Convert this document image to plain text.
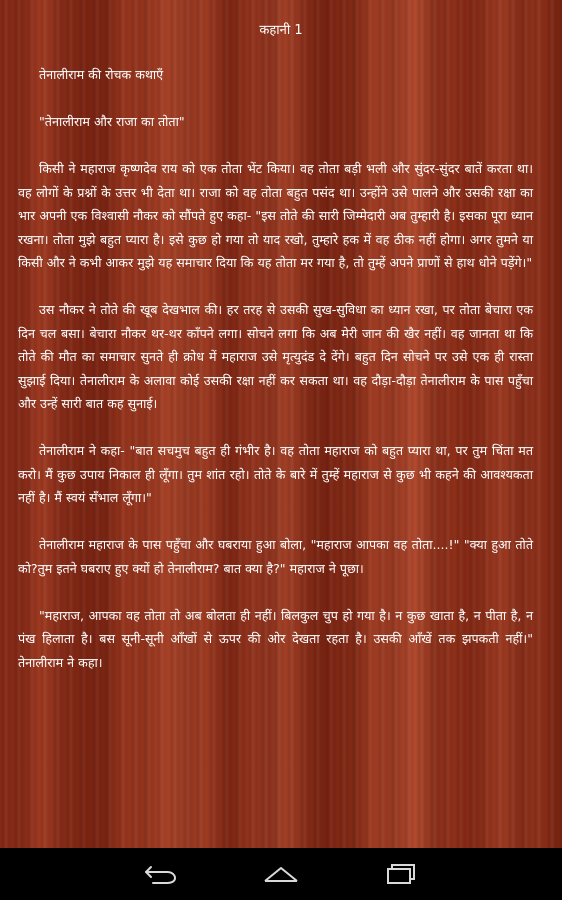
कहानी 1

तेनालीराम की रोचक कथाएँ

"तेनालीराम और राजा का तोता"

किसी ने महाराज कृष्णदेव राय को एक तोता भेंट किया। वह तोता बड़ी भली और सुंदर-सुंदर बातें करता था। वह लोगों के प्रश्नों के उत्तर भी देता था। राजा को वह तोता बहुत पसंद था। उन्होंने उसे पालने और उसकी रक्षा का भार अपनी एक विश्वासी नौकर को सौंपते हुए कहा- "इस तोते की सारी जिम्मेदारी अब तुम्हारी है। इसका पूरा ध्यान रखना। तोता मुझे बहुत प्यारा है। इसे कुछ हो गया तो याद रखो, तुम्हारे हक में वह ठीक नहीं होगा। अगर तुमने या किसी और ने कभी आकर मुझे यह समाचार दिया कि यह तोता मर गया है, तो तुम्हें अपने प्राणों से हाथ धोने पड़ेंगे।"

उस नौकर ने तोते की खूब देखभाल की। हर तरह से उसकी सुख-सुविधा का ध्यान रखा, पर तोता बेचारा एक दिन चल बसा। बेचारा नौकर थर-थर काँपने लगा। सोचने लगा कि अब मेरी जान की खैर नहीं। वह जानता था कि तोते की मौत का समाचार सुनते ही क्रोध में महाराज उसे मृत्युदंड दे देंगे। बहुत दिन सोचने पर उसे एक ही रास्ता सुझाई दिया। तेनालीराम के अलावा कोई उसकी रक्षा नहीं कर सकता था। वह दौड़ा-दौड़ा तेनालीराम के पास पहुँचा और उन्हें सारी बात कह सुनाई।

तेनालीराम ने कहा- "बात सचमुच बहुत ही गंभीर है। वह तोता महाराज को बहुत प्यारा था, पर तुम चिंता मत करो। मैं कुछ उपाय निकाल ही लूँगा। तुम शांत रहो। तोते के बारे में तुम्हें महाराज से कुछ भी कहने की आवश्यकता नहीं है। मैं स्वयं सँभाल लूँगा।"

तेनालीराम महाराज के पास पहुँचा और घबराया हुआ बोला, "महाराज आपका वह तोता....!" "क्या हुआ तोते को?तुम इतने घबराए हुए क्यों हो तेनालीराम? बात क्या है?" महाराज ने पूछा।

"महाराज, आपका वह तोता तो अब बोलता ही नहीं। बिलकुल चुप हो गया है। न कुछ खाता है, न पीता है, न पंख हिलाता है। बस सूनी-सूनी आँखों से ऊपर की ओर देखता रहता है। उसकी आँखें तक झपकती नहीं।" तेनालीराम ने कहा।
